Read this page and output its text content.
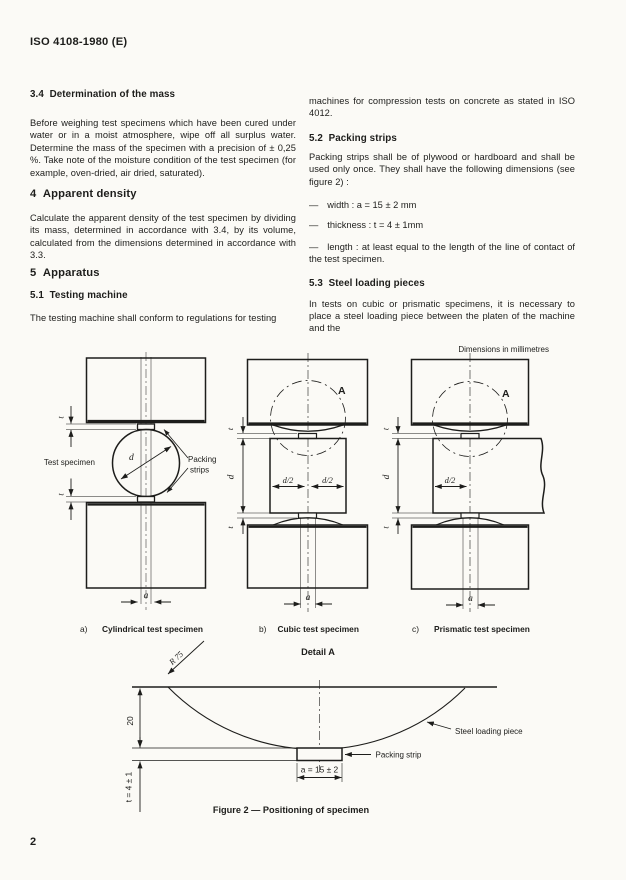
ISO 4108-1980 (E)
3.4  Determination of the mass

Before weighing test specimens which have been cured under water or in a moist atmosphere, wipe off all surplus water. Determine the mass of the specimen with a precision of ± 0,25 %. Take note of the moisture condition of the test specimen (for example, oven-dried, air dried, saturated).

4  Apparent density

Calculate the apparent density of the test specimen by dividing its mass, determined in accordance with 3.4, by its volume, calculated from the dimensions determined in accordance with 3.3.

5  Apparatus
5.1  Testing machine

The testing machine shall conform to regulations for testing

machines for compression tests on concrete as stated in ISO 4012.

5.2  Packing strips

Packing strips shall be of plywood or hardboard and shall be used only once. They shall have the following dimensions (see figure 2) :

— width : a = 15 ± 2 mm
— thickness : t = 4 ± 1mm
— length : at least equal to the length of the line of contact of the test specimen.
5.3  Steel loading pieces

In tests on cubic or prismatic specimens, it is necessary to place a steel loading piece between the platen of the machine and the

Dimensions in millimetres
Test specimen	d	Packing
strips
a
t
t
t
d
t
A
d/2	d/2
a
t
d
t
A
d/2
a
a) Cylindrical test specimen	b) Cubic test specimen	c) Prismatic test specimen
Detail A
R 75
20
Steel loading piece
Packing strip
a = 15 ± 2
t = 4 ± 1
Figure 2 — Positioning of specimen
2
